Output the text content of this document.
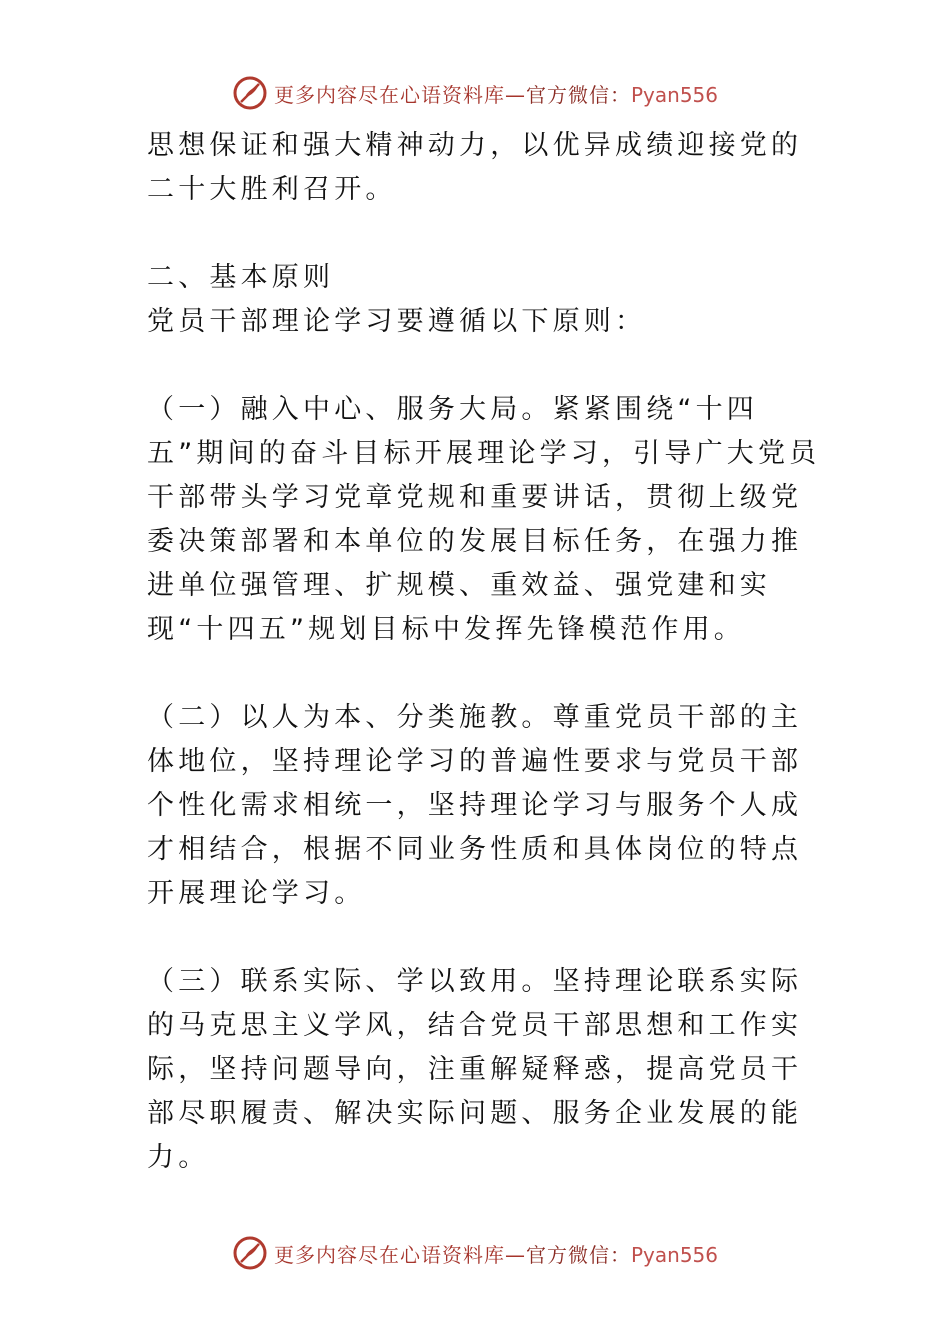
更多内容尽在心语资料库—官方微信：Pyan556

思想保证和强大精神动力，以优异成绩迎接党的二十大胜利召开。

二、基本原则

党员干部理论学习要遵循以下原则：

（一）融入中心、服务大局。紧紧围绕“十四五”期间的奋斗目标开展理论学习，引导广大党员干部带头学习党章党规和重要讲话，贯彻上级党委决策部署和本单位的发展目标任务，在强力推进单位强管理、扩规模、重效益、强党建和实现“十四五”规划目标中发挥先锋模范作用。

（二）以人为本、分类施教。尊重党员干部的主体地位，坚持理论学习的普遍性要求与党员干部个性化需求相统一，坚持理论学习与服务个人成才相结合，根据不同业务性质和具体岗位的特点开展理论学习。

（三）联系实际、学以致用。坚持理论联系实际的马克思主义学风，结合党员干部思想和工作实际，坚持问题导向，注重解疑释惑，提高党员干部尽职履责、解决实际问题、服务企业发展的能力。

更多内容尽在心语资料库—官方微信：Pyan556
